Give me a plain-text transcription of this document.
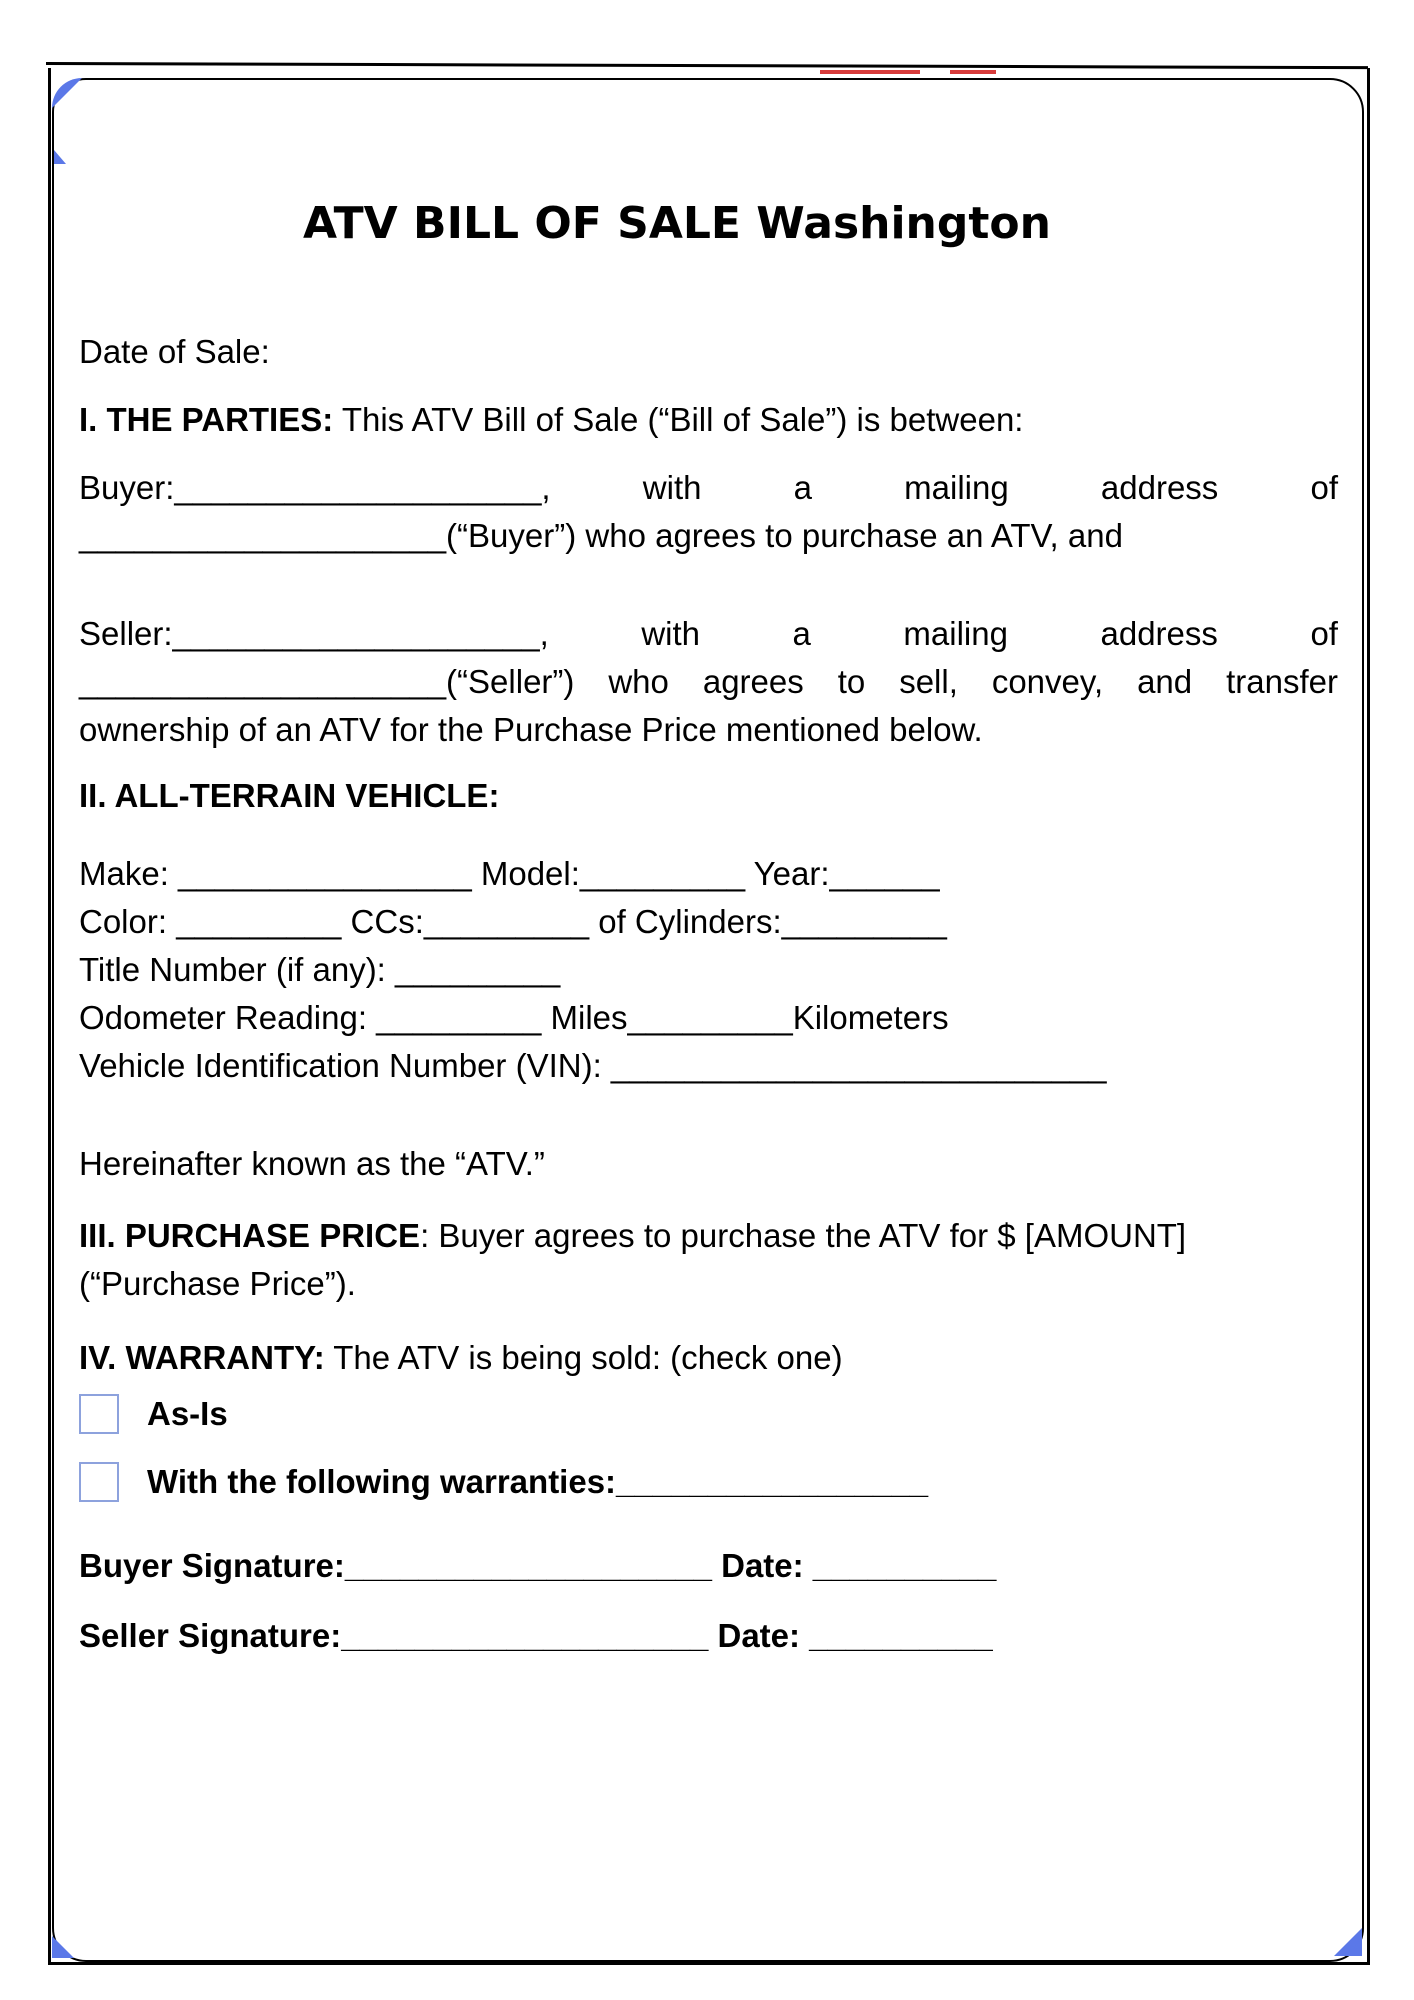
ATV BILL OF SALE Washington
Date of Sale:
I. THE PARTIES: This ATV Bill of Sale (“Bill of Sale”) is between:
Buyer:____________________,	with	a	mailing	address	of
____________________(“Buyer”) who agrees to purchase an ATV, and
Seller:____________________,	with	a	mailing	address	of
____________________(“Seller”) who agrees to sell, convey, and transfer
ownership of an ATV for the Purchase Price mentioned below.
II. ALL-TERRAIN VEHICLE:
Make: ________________ Model:_________ Year:______
Color: _________ CCs:_________ of Cylinders:_________
Title Number (if any): _________
Odometer Reading: _________ Miles_________Kilometers
Vehicle Identification Number (VIN): ___________________________
Hereinafter known as the “ATV.”
III. PURCHASE PRICE: Buyer agrees to purchase the ATV for $ [AMOUNT]
(“Purchase Price”).
IV. WARRANTY: The ATV is being sold: (check one)
As-Is
With the following warranties:_________________
Buyer Signature:____________________ Date: __________
Seller Signature:____________________ Date: __________
